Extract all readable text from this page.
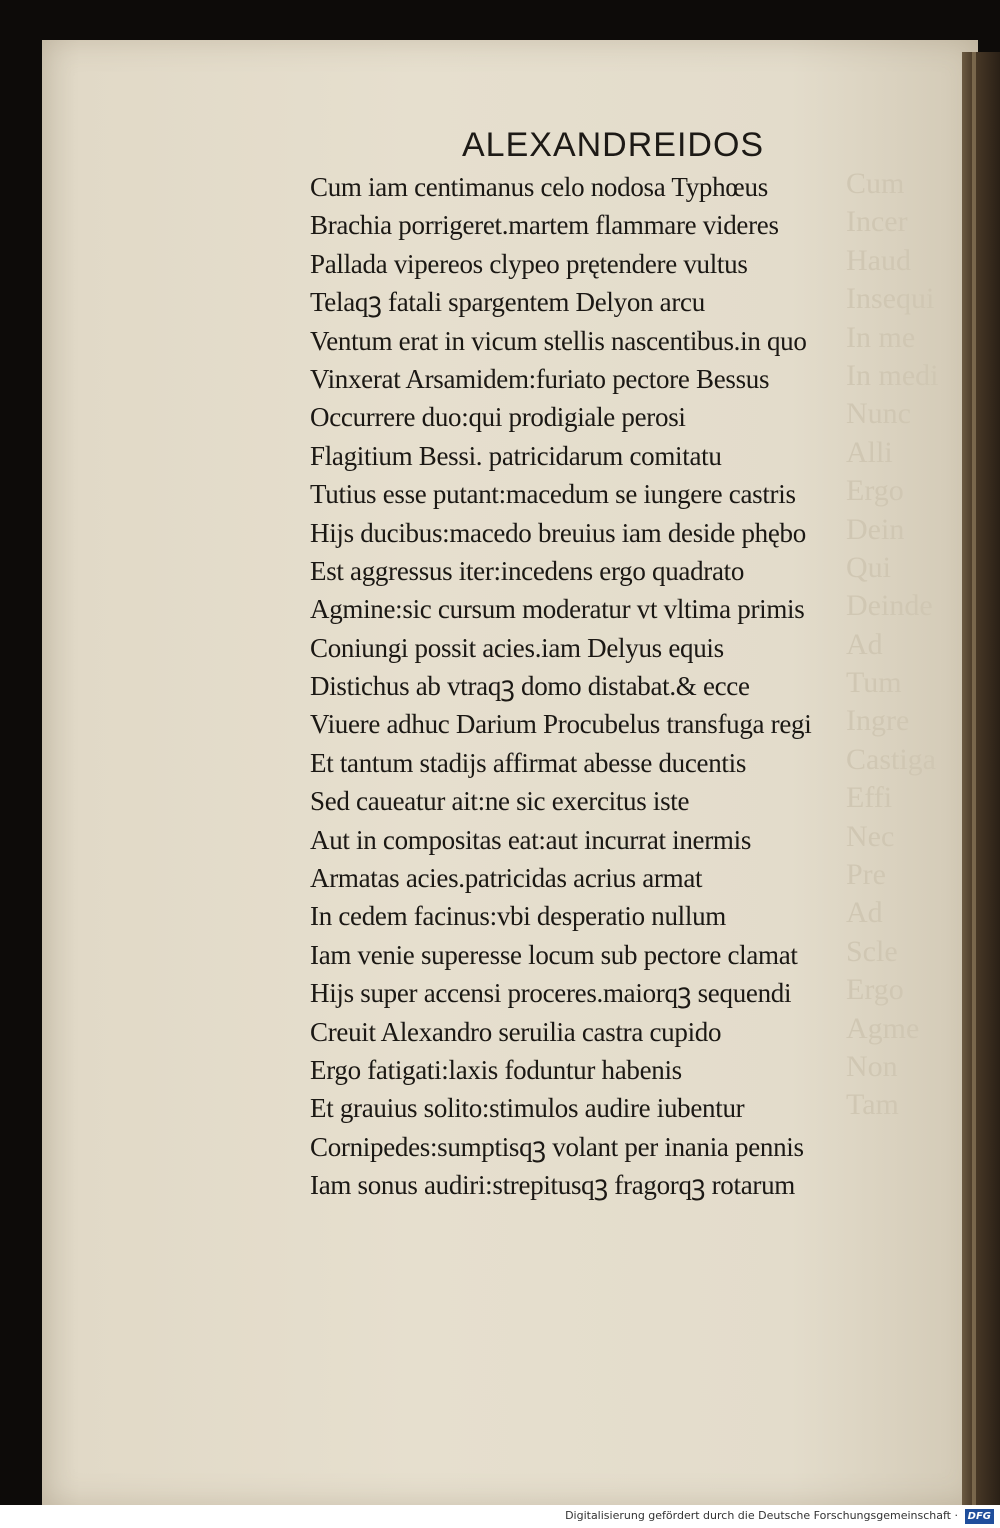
Cum
Incer
Haud
Insequi
In me
In medi
Nunc
Alli
Ergo
Dein
Qui
Deinde
Ad
Tum
Ingre
Castiga
Effi
Nec
Pre
Ad
Scle
Ergo
Agme
Non
Tam
ALEXANDREIDOS
Cum iam centimanus celo nodosa Typhœus
Brachia porrigeret.martem flammare videres
Pallada vipereos clypeo prętendere vultus
Telaqꝫ fatali spargentem Delyon arcu
Ventum erat in vicum stellis nascentibus.in quo
Vinxerat Arsamidem:furiato pectore Bessus
Occurrere duo:qui prodigiale perosi
Flagitium Bessi. patricidarum comitatu
Tutius esse putant:macedum se iungere castris
Hijs ducibus:macedo breuius iam deside phębo
Est aggressus iter:incedens ergo quadrato
Agmine:sic cursum moderatur vt vltima primis
Coniungi possit acies.iam Delyus equis
Distichus ab vtraqꝫ domo distabat.& ecce
Viuere adhuc Darium Procubelus transfuga regi
Et tantum stadijs affirmat abesse ducentis
Sed caueatur ait:ne sic exercitus iste
Aut in compositas eat:aut incurrat inermis
Armatas acies.patricidas acrius armat
In cedem facinus:vbi desperatio nullum
Iam venie superesse locum sub pectore clamat
Hijs super accensi proceres.maiorqꝫ sequendi
Creuit Alexandro seruilia castra cupido
Ergo fatigati:laxis foduntur habenis
Et grauius solito:stimulos audire iubentur
Cornipedes:sumptisqꝫ volant per inania pennis
Iam sonus audiri:strepitusqꝫ fragorqꝫ rotarum
Digitalisierung gefördert durch die Deutsche Forschungsgemeinschaft · DFG
